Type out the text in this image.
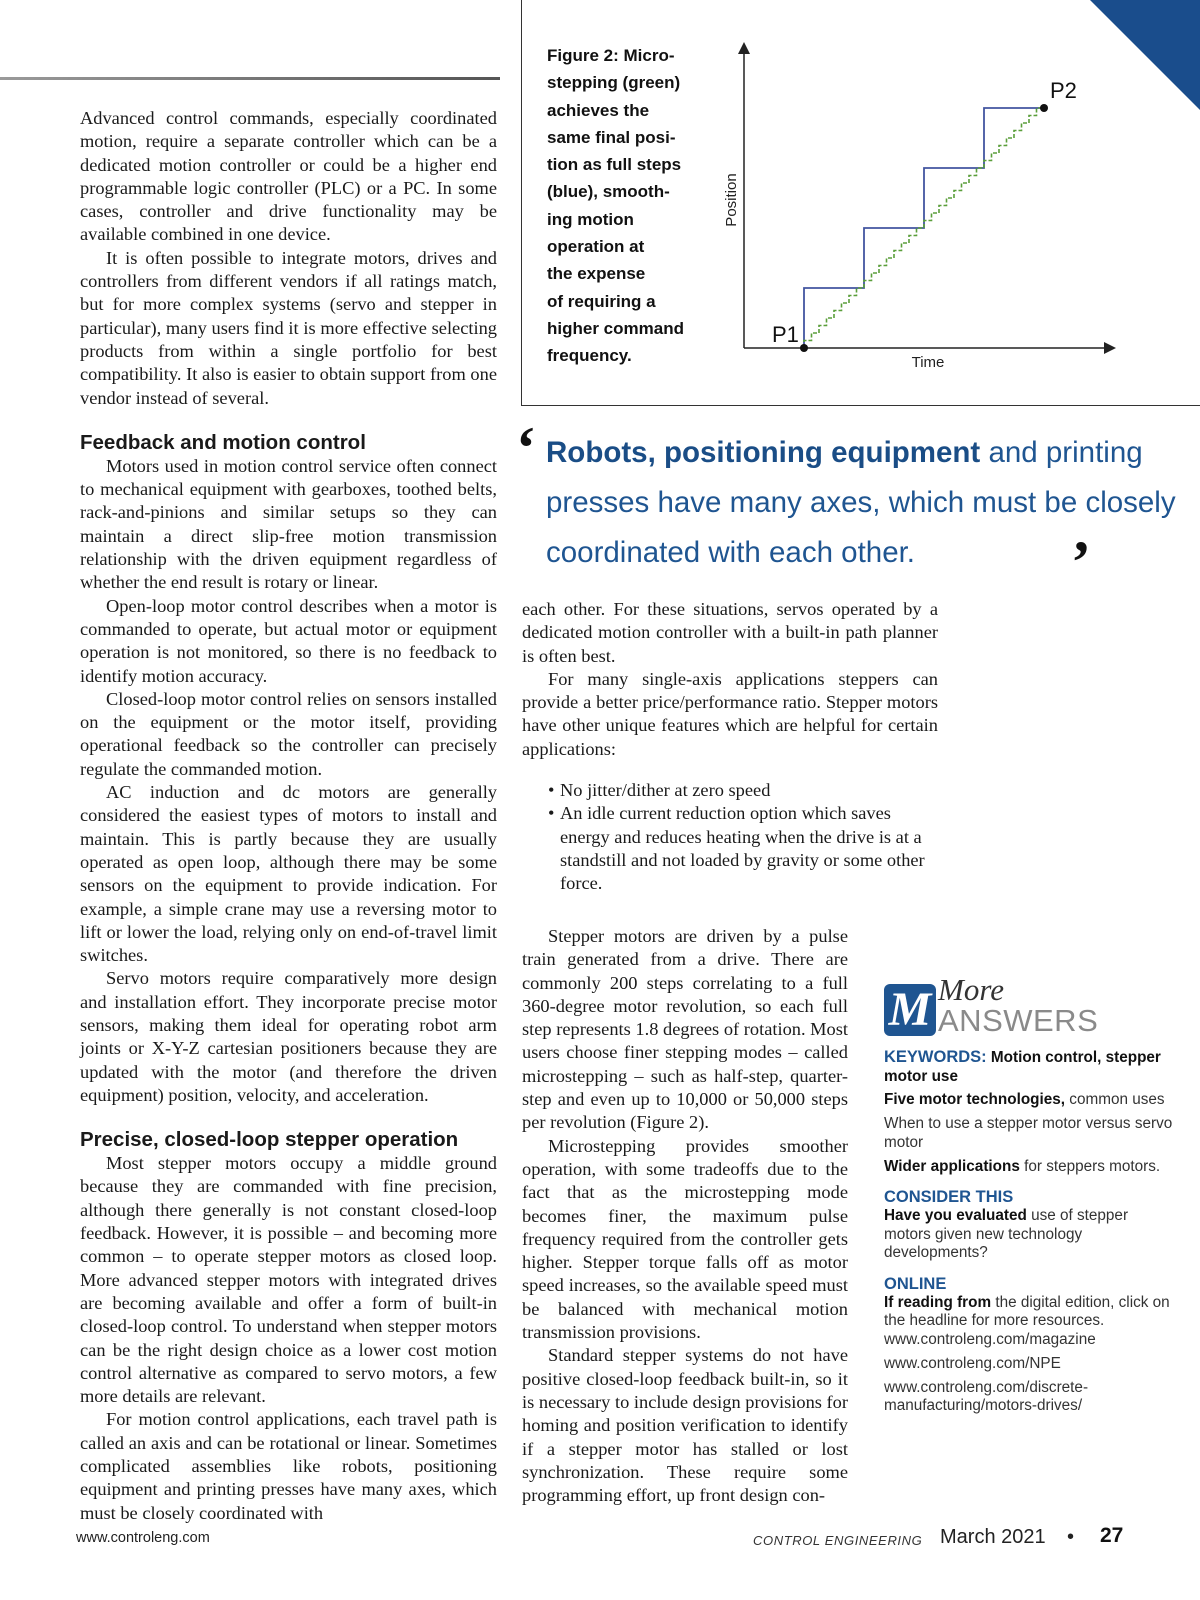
Figure 2: Micro-
stepping (green)
achieves the
same final posi-
tion as full steps
(blue), smooth-
ing motion
operation at
the expense
of requiring a
higher command
frequency.
Position
Time
P1
P2

Advanced control commands, especially coordinated motion, require a separate controller which can be a dedicated motion controller or could be a higher end programmable logic controller (PLC) or a PC. In some cases, controller and drive functionality may be available combined in one device.

It is often possible to integrate motors, drives and controllers from different vendors if all ratings match, but for more complex systems (servo and stepper in particular), many users find it is more effective selecting products from within a single portfolio for best compatibility. It also is easier to obtain support from one vendor instead of several.

Feedback and motion control

Motors used in motion control service often connect to mechanical equipment with gearboxes, toothed belts, rack-and-pinions and similar setups so they can maintain a direct slip-free motion transmission relationship with the driven equipment regardless of whether the end result is rotary or linear.

Open-loop motor control describes when a motor is commanded to operate, but actual motor or equipment operation is not monitored, so there is no feedback to identify motion accuracy.

Closed-loop motor control relies on sensors installed on the equipment or the motor itself, providing operational feedback so the controller can precisely regulate the commanded motion.

AC induction and dc motors are generally considered the easiest types of motors to install and maintain. This is partly because they are usually operated as open loop, although there may be some sensors on the equipment to provide indication. For example, a simple crane may use a reversing motor to lift or lower the load, relying only on end-of-travel limit switches.

Servo motors require comparatively more design and installation effort. They incorporate precise motor sensors, making them ideal for operating robot arm joints or X-Y-Z cartesian positioners because they are updated with the motor (and therefore the driven equipment) position, velocity, and acceleration.

Precise, closed-loop stepper operation

Most stepper motors occupy a middle ground because they are commanded with fine precision, although there generally is not constant closed-loop feedback. However, it is possible – and becoming more common – to operate stepper motors as closed loop. More advanced stepper motors with integrated drives are becoming available and offer a form of built-in closed-loop control. To understand when stepper motors can be the right design choice as a lower cost motion control alternative as compared to servo motors, a few more details are relevant.

For motion control applications, each travel path is called an axis and can be rotational or linear. Sometimes complicated assemblies like robots, positioning equipment and printing presses have many axes, which must be closely coordinated with

‘ Robots, positioning equipment and printing presses have many axes, which must be closely coordinated with each other.	’

each other. For these situations, servos operated by a dedicated motion controller with a built-in path planner is often best.

For many single-axis applications steppers can provide a better price/performance ratio. Stepper motors have other unique features which are helpful for certain applications:

• No jitter/dither at zero speed
• An idle current reduction option which saves energy and reduces heating when the drive is at a standstill and not loaded by gravity or some other force.

Stepper motors are driven by a pulse train generated from a drive. There are commonly 200 steps correlating to a full 360-degree motor revolution, so each full step represents 1.8 degrees of rotation. Most users choose finer stepping modes – called microstepping – such as half-step, quarter-step and even up to 10,000 or 50,000 steps per revolution (Figure 2).

Microstepping provides smoother operation, with some tradeoffs due to the fact that as the microstepping mode becomes finer, the maximum pulse frequency required from the controller gets higher. Stepper torque falls off as motor speed increases, so the available speed must be balanced with mechanical motion transmission provisions.

Standard stepper systems do not have positive closed-loop feedback built-in, so it is necessary to include design provisions for homing and position verification to identify if a stepper motor has stalled or lost synchronization. These require some programming effort, up front design con-

M More
ANSWERS
KEYWORDS: Motion control, stepper motor use
Five motor technologies, common uses
When to use a stepper motor versus servo motor
Wider applications for steppers motors.
CONSIDER THIS
Have you evaluated use of stepper motors given new technology developments?
ONLINE
If reading from the digital edition, click on the headline for more resources. www.controleng.com/magazine
www.controleng.com/NPE
www.controleng.com/discrete-manufacturing/motors-drives/
www.controleng.com	CONTROL ENGINEERING March 2021 • 27
